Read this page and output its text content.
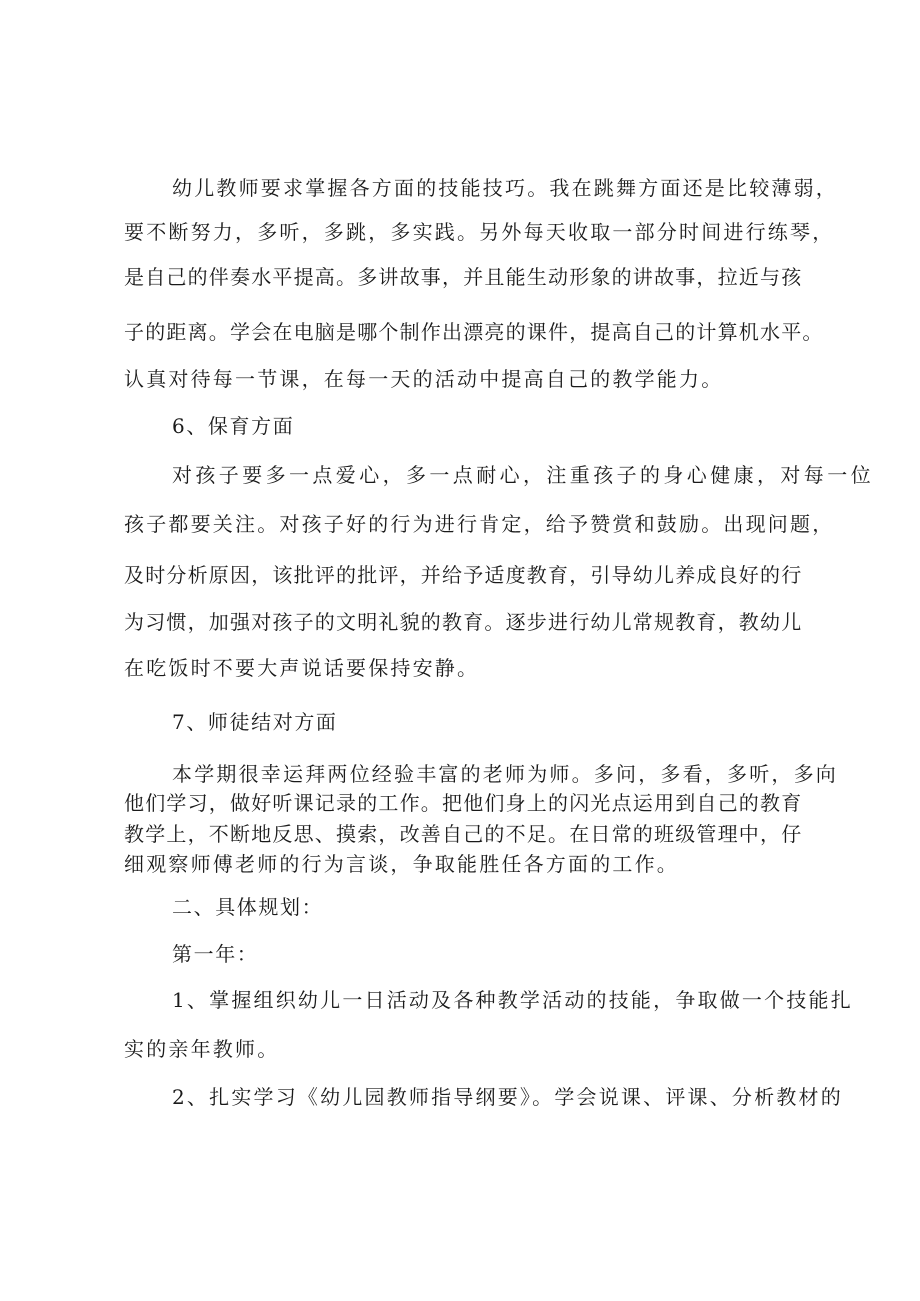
幼儿教师要求掌握各方面的技能技巧。我在跳舞方面还是比较薄弱，

要不断努力，多听，多跳，多实践。另外每天收取一部分时间进行练琴，

是自己的伴奏水平提高。多讲故事，并且能生动形象的讲故事，拉近与孩

子的距离。学会在电脑是哪个制作出漂亮的课件，提高自己的计算机水平。

认真对待每一节课，在每一天的活动中提高自己的教学能力。

6、保育方面

对孩子要多一点爱心，多一点耐心，注重孩子的身心健康，对每一位

孩子都要关注。对孩子好的行为进行肯定，给予赞赏和鼓励。出现问题，

及时分析原因，该批评的批评，并给予适度教育，引导幼儿养成良好的行

为习惯，加强对孩子的文明礼貌的教育。逐步进行幼儿常规教育，教幼儿

在吃饭时不要大声说话要保持安静。

7、师徒结对方面

本学期很幸运拜两位经验丰富的老师为师。多问，多看，多听，多向

他们学习，做好听课记录的工作。把他们身上的闪光点运用到自己的教育

教学上，不断地反思、摸索，改善自己的不足。在日常的班级管理中，仔

细观察师傅老师的行为言谈，争取能胜任各方面的工作。

二、具体规划：

第一年：

1、掌握组织幼儿一日活动及各种教学活动的技能，争取做一个技能扎

实的亲年教师。

2、扎实学习《幼儿园教师指导纲要》。学会说课、评课、分析教材的
